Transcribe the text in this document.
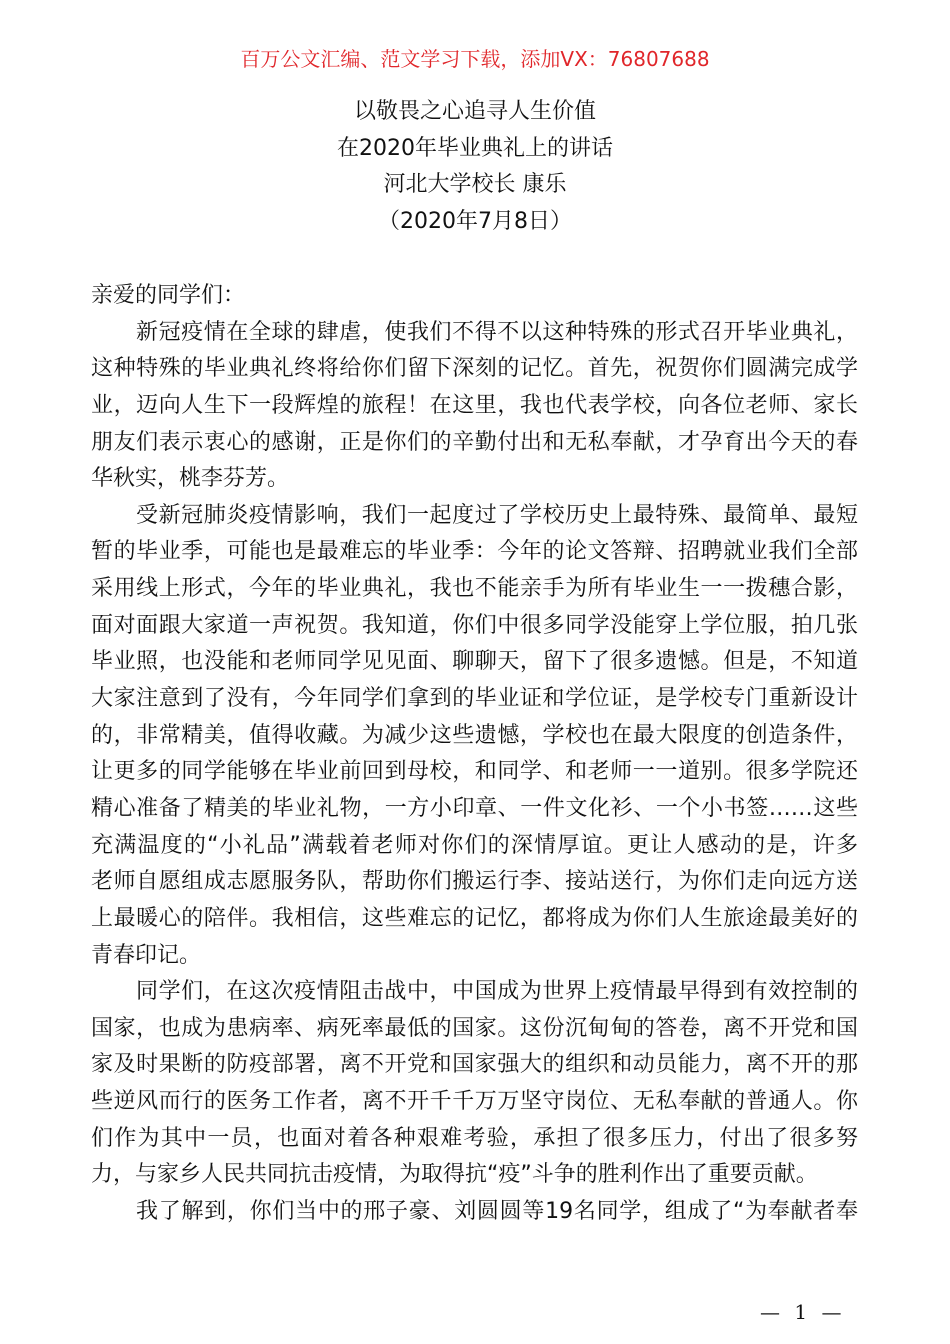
百万公文汇编、范文学习下载，添加VX：76807688
以敬畏之心追寻人生价值
在2020年毕业典礼上的讲话
河北大学校长 康乐
（2020年7月8日）
亲爱的同学们：
新冠疫情在全球的肆虐，使我们不得不以这种特殊的形式召开毕业典礼，
这种特殊的毕业典礼终将给你们留下深刻的记忆。首先，祝贺你们圆满完成学
业，迈向人生下一段辉煌的旅程！在这里，我也代表学校，向各位老师、家长
朋友们表示衷心的感谢，正是你们的辛勤付出和无私奉献，才孕育出今天的春
华秋实，桃李芬芳。
受新冠肺炎疫情影响，我们一起度过了学校历史上最特殊、最简单、最短
暂的毕业季，可能也是最难忘的毕业季：今年的论文答辩、招聘就业我们全部
采用线上形式，今年的毕业典礼，我也不能亲手为所有毕业生一一拨穗合影，
面对面跟大家道一声祝贺。我知道，你们中很多同学没能穿上学位服，拍几张
毕业照，也没能和老师同学见见面、聊聊天，留下了很多遗憾。但是，不知道
大家注意到了没有，今年同学们拿到的毕业证和学位证，是学校专门重新设计
的，非常精美，值得收藏。为减少这些遗憾，学校也在最大限度的创造条件，
让更多的同学能够在毕业前回到母校，和同学、和老师一一道别。很多学院还
精心准备了精美的毕业礼物，一方小印章、一件文化衫、一个小书签……这些
充满温度的“小礼品”满载着老师对你们的深情厚谊。更让人感动的是，许多
老师自愿组成志愿服务队，帮助你们搬运行李、接站送行，为你们走向远方送
上最暖心的陪伴。我相信，这些难忘的记忆，都将成为你们人生旅途最美好的
青春印记。
同学们，在这次疫情阻击战中，中国成为世界上疫情最早得到有效控制的
国家，也成为患病率、病死率最低的国家。这份沉甸甸的答卷，离不开党和国
家及时果断的防疫部署，离不开党和国家强大的组织和动员能力，离不开的那
些逆风而行的医务工作者，离不开千千万万坚守岗位、无私奉献的普通人。你
们作为其中一员，也面对着各种艰难考验，承担了很多压力，付出了很多努
力，与家乡人民共同抗击疫情，为取得抗“疫”斗争的胜利作出了重要贡献。
我了解到，你们当中的邢子豪、刘圆圆等19名同学，组成了“为奉献者奉
— 1 —
